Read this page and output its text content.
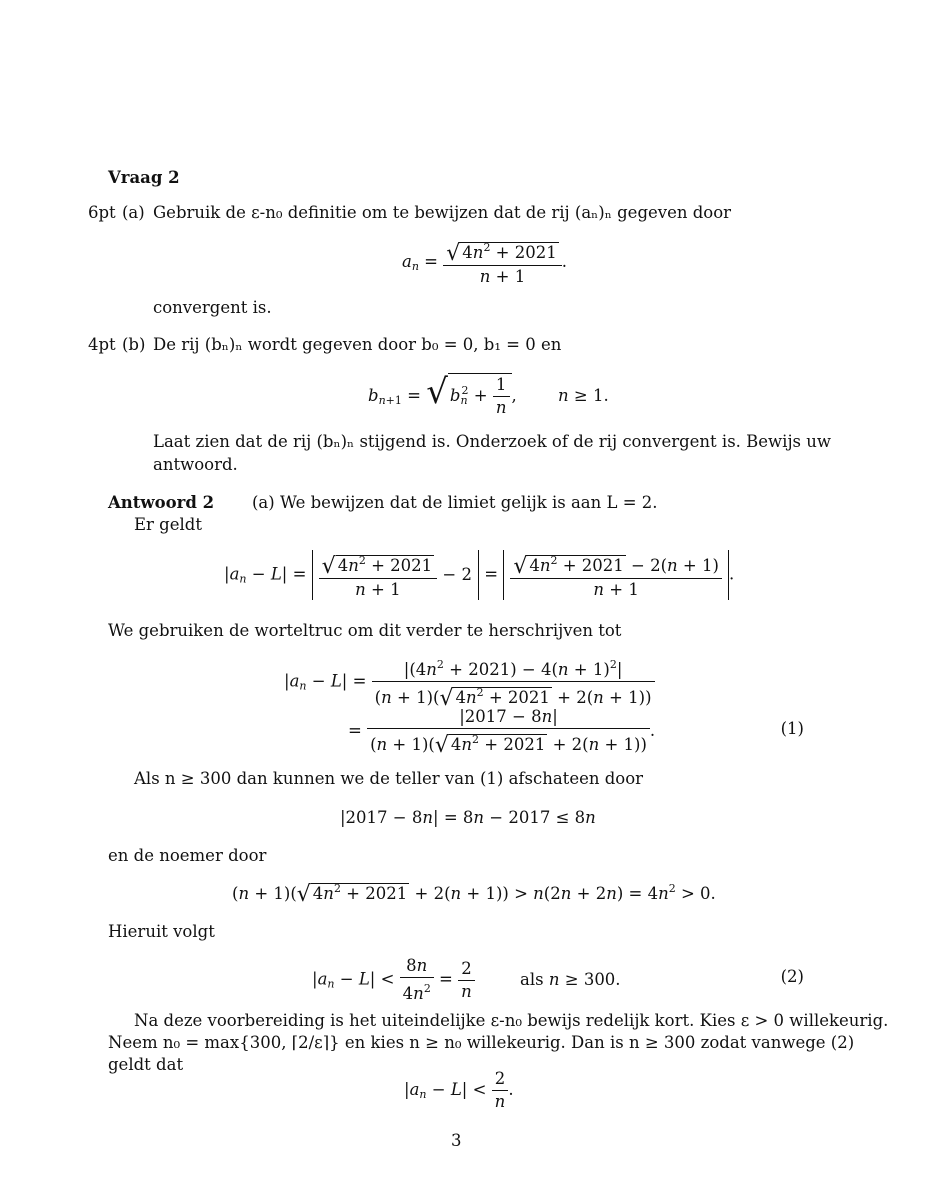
Vraag 2
6pt (a) Gebruik de ε-n₀ definitie om te bewijzen dat de rij (aₙ)ₙ gegeven door
$a_n = \frac{√ 4n^2 + 2021}{n + 1}$ .
convergent is.
4pt (b) De rij (bₙ)ₙ wordt gegeven door b₀ = 0, b₁ = 0 en
$b_{n+1}$ = √ $b_n^2 + \frac{1}{n}$ , n ≥ 1.
Laat zien dat de rij (bₙ)ₙ stijgend is. Onderzoek of de rij convergent is. Bewijs uw
antwoord.
Antwoord 2 (a) We bewijzen dat de limiet gelijk is aan L = 2.
Er geldt
$|a_n - L| = \frac{√ 4n^2 + 2021}{n + 1} - 2 = \frac{√ 4n^2 + 2021 - 2(n + 1)}{n + 1}$ .
We gebruiken de worteltruc om dit verder te herschrijven tot
$|a_n - L| = \frac{|(4n^2 + 2021) - 4(n + 1)^2|}{(n + 1)(√ 4n^2 + 2021 + 2(n + 1))}$
= $\frac{|2017 - 8n|}{(n + 1)(√ 4n^2 + 2021 + 2(n + 1))}$ .	(1)
Als n ≥ 300 dan kunnen we de teller van (1) afschateen door
|2017 − 8n| = 8n − 2017 ≤ 8n
en de noemer door
(n + 1)(√ $4n^2 + 2021 + 2(n + 1)) > n(2n + 2n) = 4n^2 > 0$.
Hieruit volgt
$|a_n - L| < \frac{8n}{4n^2} = \frac{2}{n}$	als n ≥ 300.	(2)
Na deze voorbereiding is het uiteindelijke ε-n₀ bewijs redelijk kort. Kies ε > 0 willekeurig.
Neem n₀ = max{300, ⌈2/ε⌉} en kies n ≥ n₀ willekeurig. Dan is n ≥ 300 zodat vanwege (2)
geldt dat
$|a_n - L| < \frac{2}{n}$ .
3
